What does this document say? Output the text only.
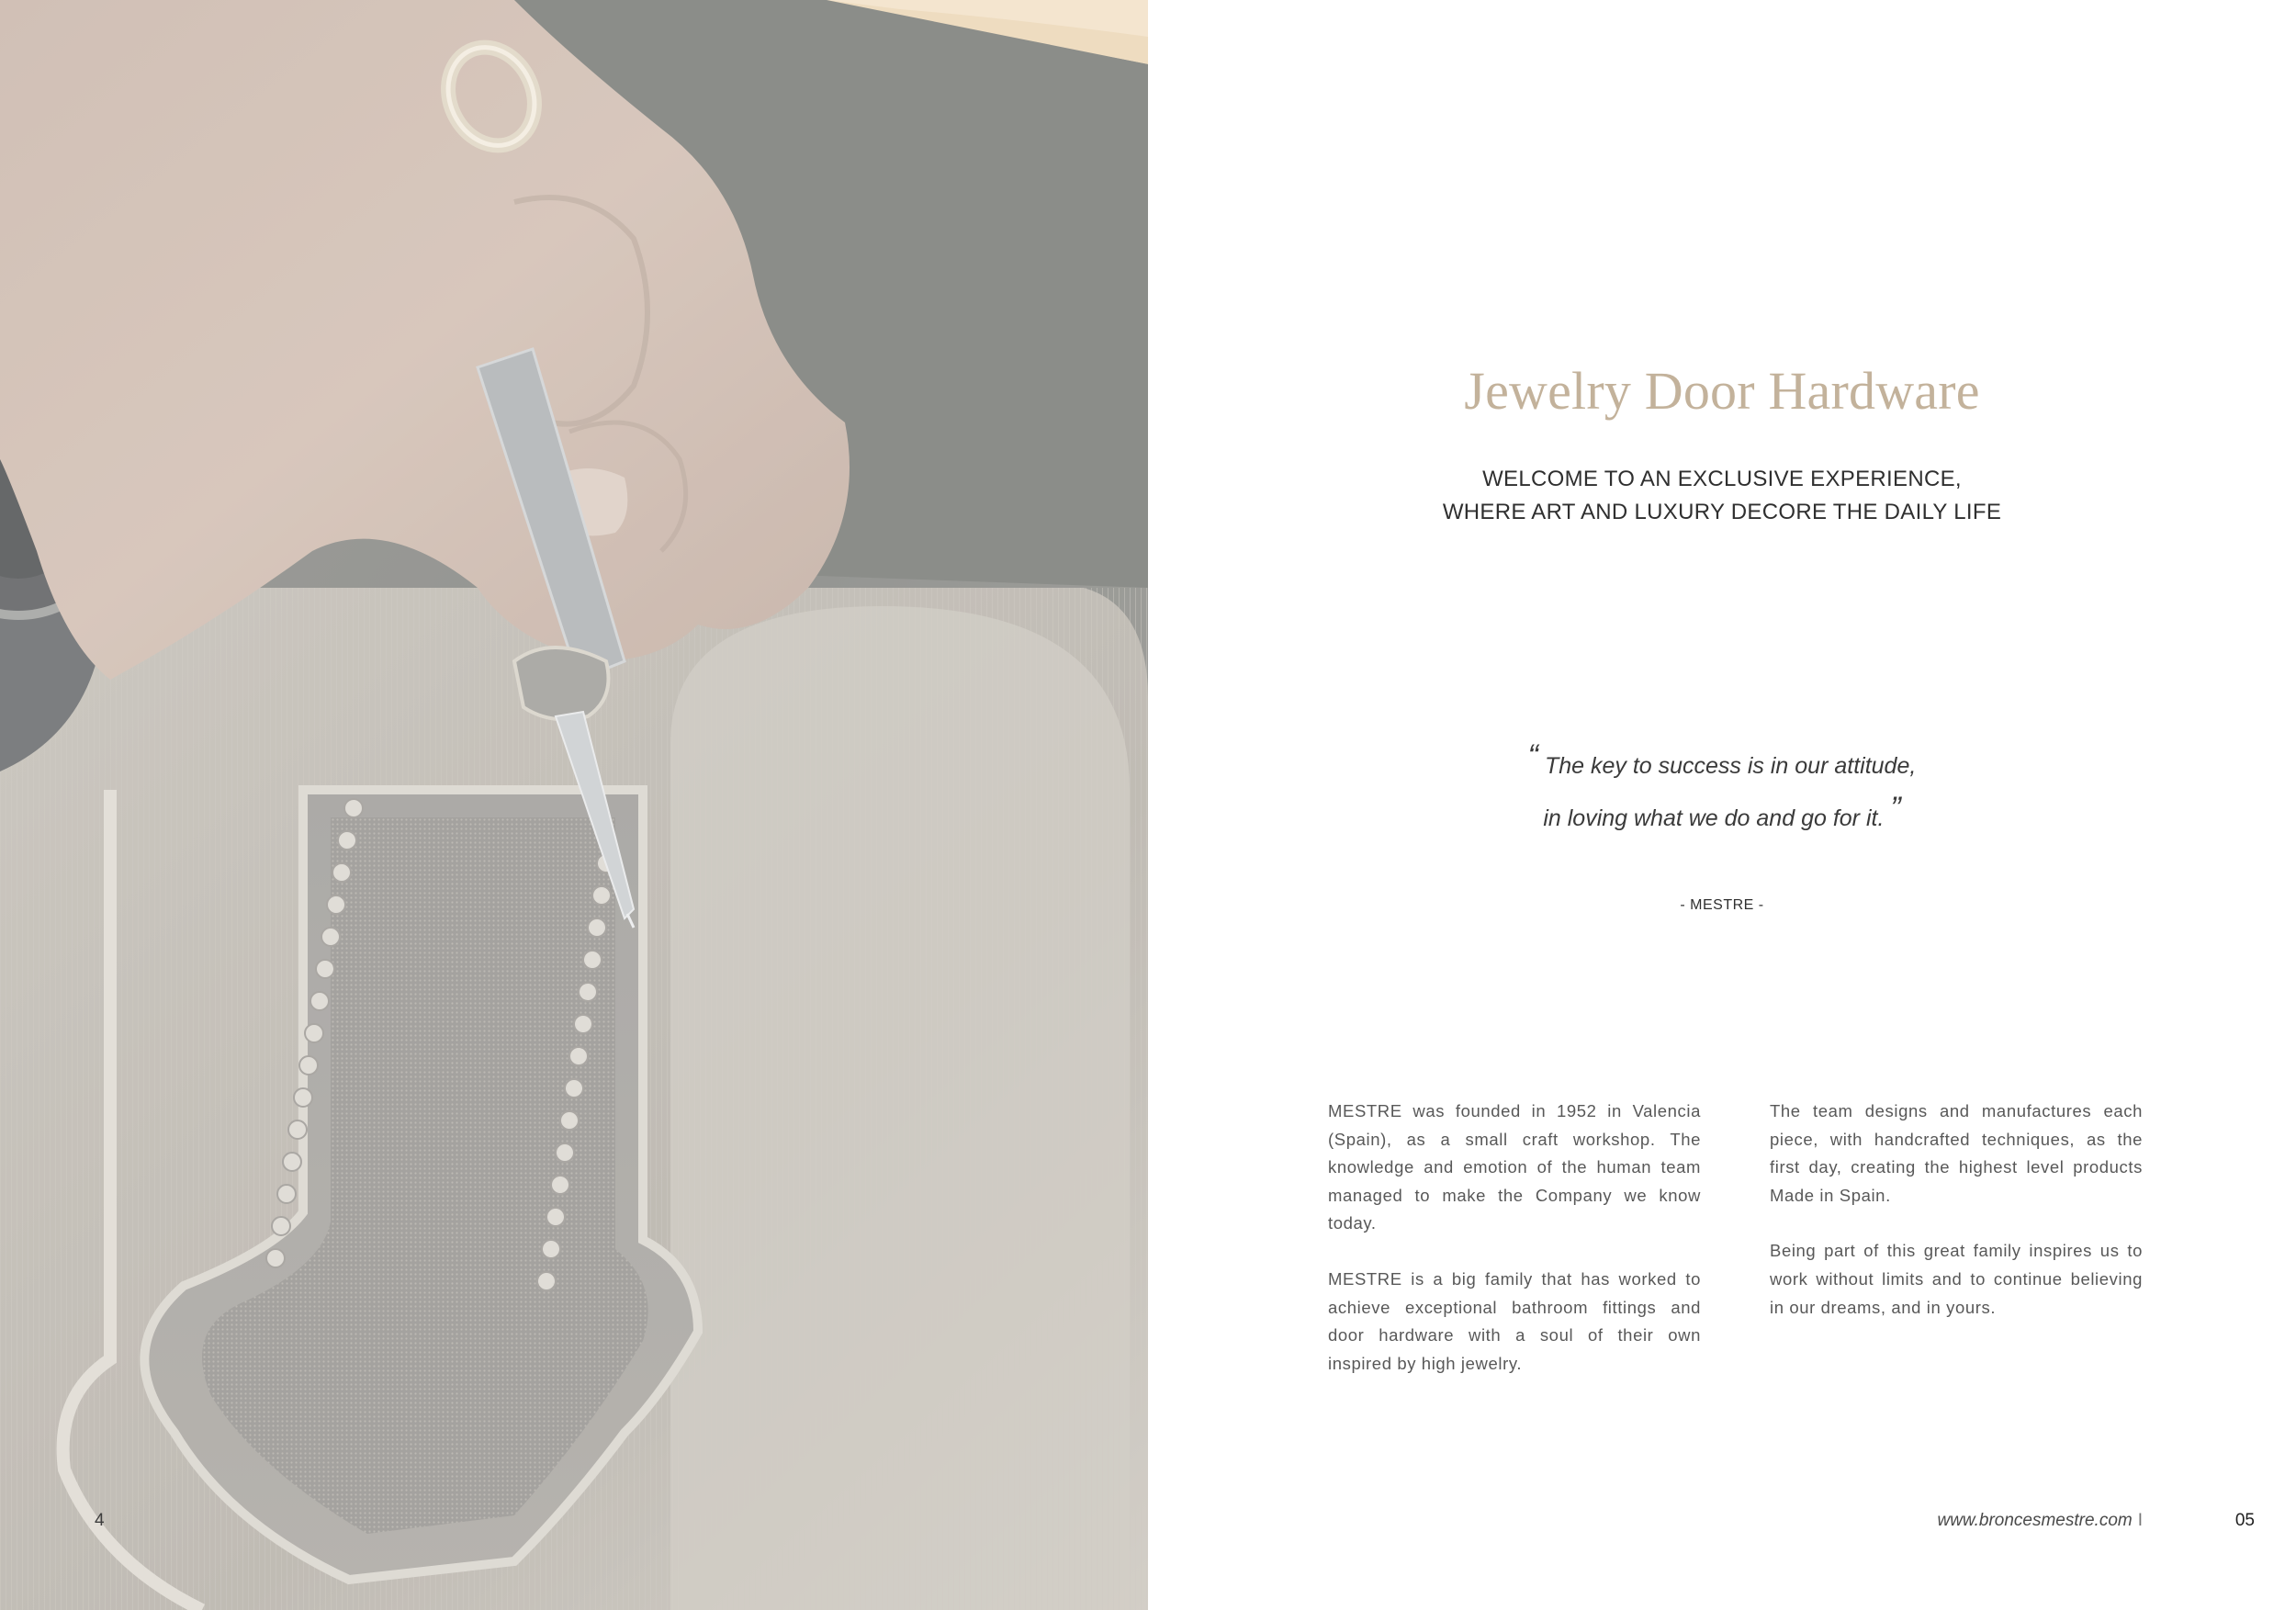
4
Jewelry Door Hardware
WELCOME TO AN EXCLUSIVE EXPERIENCE,
WHERE ART AND LUXURY DECORE THE DAILY LIFE
“ The key to success is in our attitude,
in loving what we do and go for it. ”
- MESTRE -

MESTRE was founded in 1952 in Valencia (Spain), as a small craft workshop. The knowledge and emotion of the human team managed to make the Company we know today.

MESTRE is a big family that has worked to achieve exceptional bathroom fittings and door hardware with a soul of their own inspired by high jewelry.

The team designs and manufactures each piece, with handcrafted techniques, as the first day, creating the highest level products Made in Spain.

Being part of this great family inspires us to work without limits and to continue believing in our dreams, and in yours.

www.broncesmestre.com I	05
